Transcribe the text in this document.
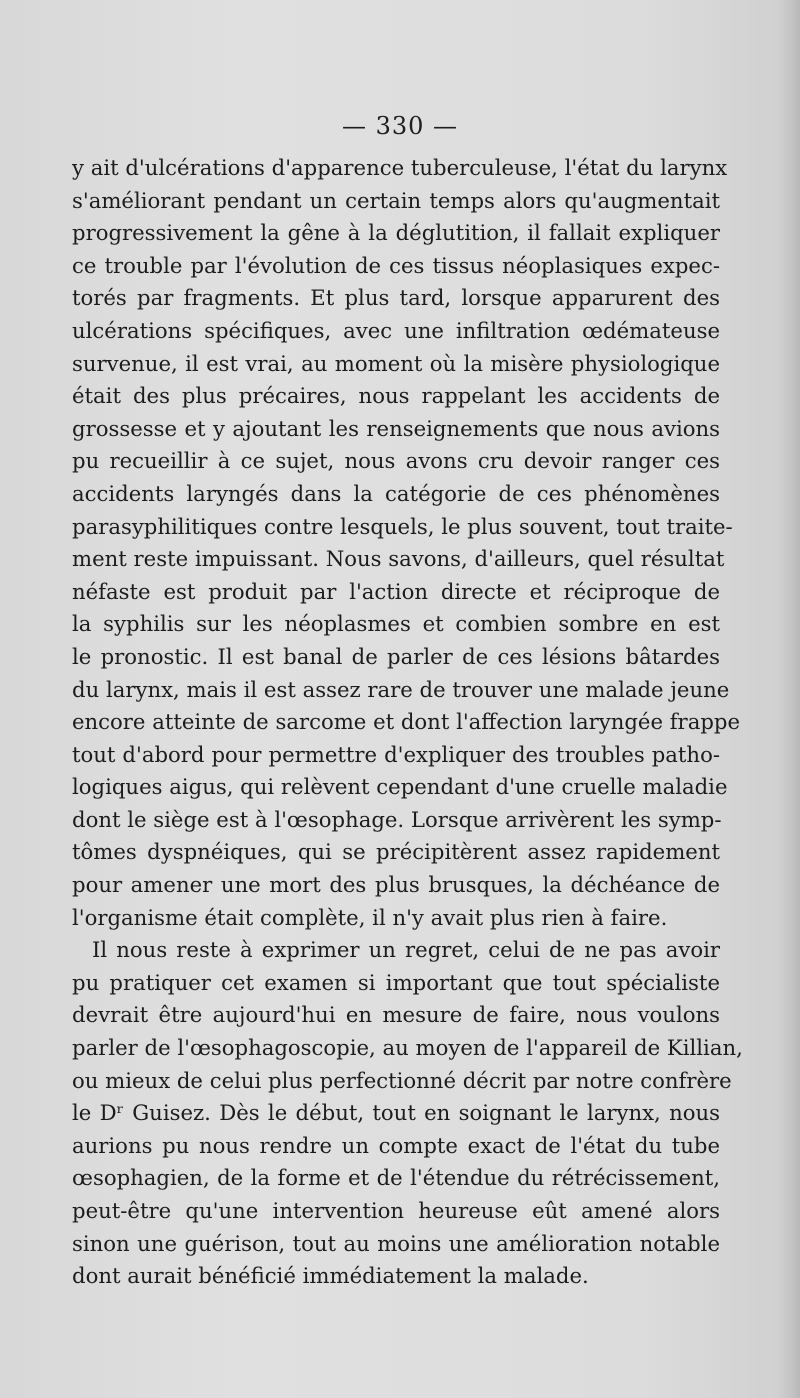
— 330 —
y ait d'ulcérations d'apparence tuberculeuse, l'état du larynx
s'améliorant pendant un certain temps alors qu'augmentait
progressivement la gêne à la déglutition, il fallait expliquer
ce trouble par l'évolution de ces tissus néoplasiques expec-
torés par fragments. Et plus tard, lorsque apparurent des
ulcérations spécifiques, avec une infiltration œdémateuse
survenue, il est vrai, au moment où la misère physiologique
était des plus précaires, nous rappelant les accidents de
grossesse et y ajoutant les renseignements que nous avions
pu recueillir à ce sujet, nous avons cru devoir ranger ces
accidents laryngés dans la catégorie de ces phénomènes
parasyphilitiques contre lesquels, le plus souvent, tout traite-
ment reste impuissant. Nous savons, d'ailleurs, quel résultat
néfaste est produit par l'action directe et réciproque de
la syphilis sur les néoplasmes et combien sombre en est
le pronostic. Il est banal de parler de ces lésions bâtardes
du larynx, mais il est assez rare de trouver une malade jeune
encore atteinte de sarcome et dont l'affection laryngée frappe
tout d'abord pour permettre d'expliquer des troubles patho-
logiques aigus, qui relèvent cependant d'une cruelle maladie
dont le siège est à l'œsophage. Lorsque arrivèrent les symp-
tômes dyspnéiques, qui se précipitèrent assez rapidement
pour amener une mort des plus brusques, la déchéance de
l'organisme était complète, il n'y avait plus rien à faire.
Il nous reste à exprimer un regret, celui de ne pas avoir
pu pratiquer cet examen si important que tout spécialiste
devrait être aujourd'hui en mesure de faire, nous voulons
parler de l'œsophagoscopie, au moyen de l'appareil de Killian,
ou mieux de celui plus perfectionné décrit par notre confrère
le Dʳ Guisez. Dès le début, tout en soignant le larynx, nous
aurions pu nous rendre un compte exact de l'état du tube
œsophagien, de la forme et de l'étendue du rétrécissement,
peut-être qu'une intervention heureuse eût amené alors
sinon une guérison, tout au moins une amélioration notable
dont aurait bénéficié immédiatement la malade.
